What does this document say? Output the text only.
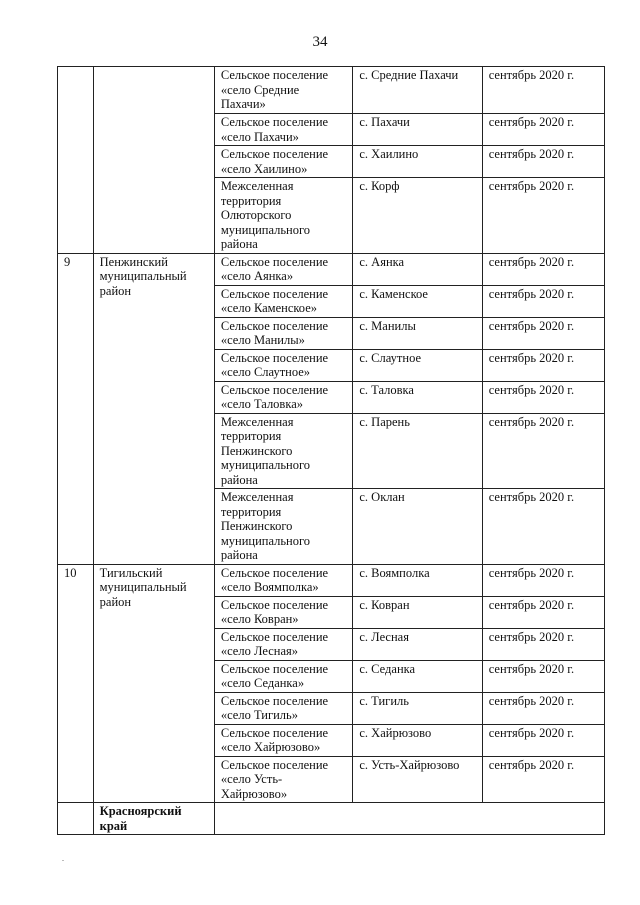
34
		Сельское поселение «село Средние Пахачи»	с. Средние Пахачи	сентябрь 2020 г.
		Сельское поселение «село Пахачи»	с. Пахачи	сентябрь 2020 г.
		Сельское поселение «село Хаилино»	с. Хаилино	сентябрь 2020 г.
		Межселенная территория Олюторского муниципального района	с. Корф	сентябрь 2020 г.
9	Пенжинский муниципальный район	Сельское поселение «село Аянка»	с. Аянка	сентябрь 2020 г.
		Сельское поселение «село Каменское»	с. Каменское	сентябрь 2020 г.
		Сельское поселение «село Манилы»	с. Манилы	сентябрь 2020 г.
		Сельское поселение «село Слаутное»	с. Слаутное	сентябрь 2020 г.
		Сельское поселение «село Таловка»	с. Таловка	сентябрь 2020 г.
		Межселенная территория Пенжинского муниципального района	с. Парень	сентябрь 2020 г.
		Межселенная территория Пенжинского муниципального района	с. Оклан	сентябрь 2020 г.
10	Тигильский муниципальный район	Сельское поселение «село Воямполка»	с. Воямполка	сентябрь 2020 г.
		Сельское поселение «село Ковран»	с. Ковран	сентябрь 2020 г.
		Сельское поселение «село Лесная»	с. Лесная	сентябрь 2020 г.
		Сельское поселение «село Седанка»	с. Седанка	сентябрь 2020 г.
		Сельское поселение «село Тигиль»	с. Тигиль	сентябрь 2020 г.
		Сельское поселение «село Хайрюзово»	с. Хайрюзово	сентябрь 2020 г.
		Сельское поселение «село Усть-Хайрюзово»	с. Усть-Хайрюзово	сентябрь 2020 г.
	Красноярский край			
